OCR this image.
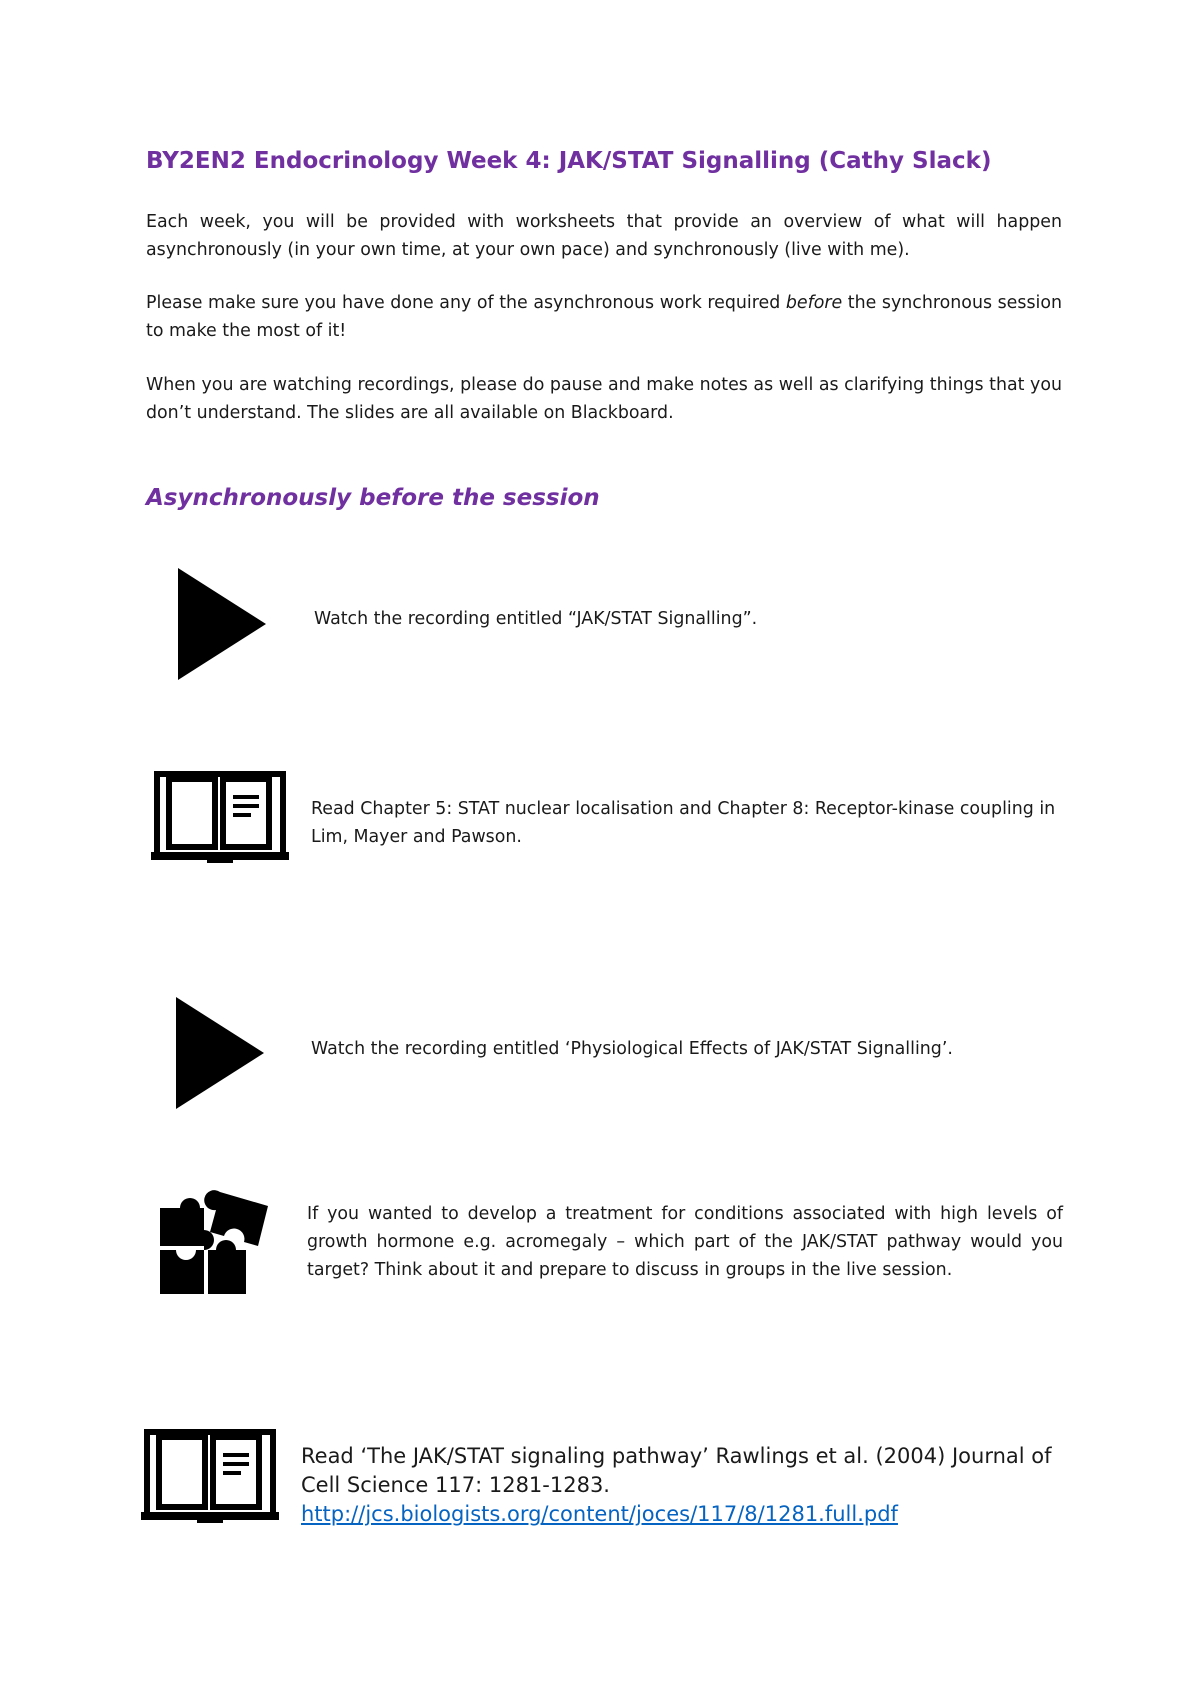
BY2EN2 Endocrinology Week 4: JAK/STAT Signalling (Cathy Slack)

Each week, you will be provided with worksheets that provide an overview of what will happen asynchronously (in your own time, at your own pace) and synchronously (live with me).

Please make sure you have done any of the asynchronous work required before the synchronous session to make the most of it!

When you are watching recordings, please do pause and make notes as well as clarifying things that you don’t understand. The slides are all available on Blackboard.

Asynchronously before the session

Watch the recording entitled “JAK/STAT Signalling”.

Read Chapter 5: STAT nuclear localisation and Chapter 8: Receptor-kinase coupling in Lim, Mayer and Pawson.

Watch the recording entitled ‘Physiological Effects of JAK/STAT Signalling’.

If you wanted to develop a treatment for conditions associated with high levels of growth hormone e.g. acromegaly – which part of the JAK/STAT pathway would you target? Think about it and prepare to discuss in groups in the live session.

Read ‘The JAK/STAT signaling pathway’ Rawlings et al. (2004) Journal of Cell Science 117: 1281-1283.
http://jcs.biologists.org/content/joces/117/8/1281.full.pdf
